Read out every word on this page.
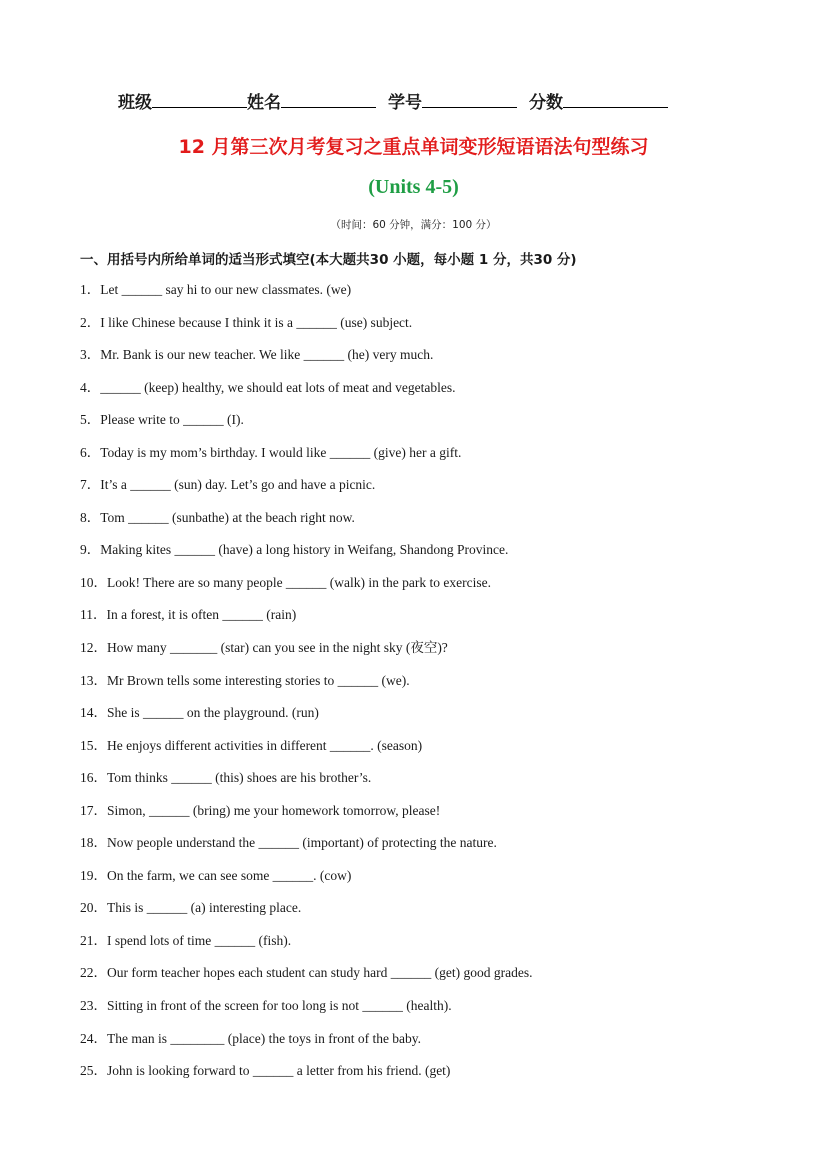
班级	姓名	学号	分数
12 月第三次月考复习之重点单词变形短语语法句型练习
(Units 4-5)
（时间：60 分钟，满分：100 分）
一、用括号内所给单词的适当形式填空(本大题共30 小题，每小题 1 分，共30 分)
1．Let ______ say hi to our new classmates. (we)
2．I like Chinese because I think it is a ______ (use) subject.
3．Mr. Bank is our new teacher. We like ______ (he) very much.
4．______ (keep) healthy, we should eat lots of meat and vegetables.
5．Please write to ______ (I).
6．Today is my mom’s birthday. I would like ______ (give) her a gift.
7．It’s a ______ (sun) day. Let’s go and have a picnic.
8．Tom ______ (sunbathe) at the beach right now.
9．Making kites ______ (have) a long history in Weifang, Shandong Province.
10．Look! There are so many people ______ (walk) in the park to exercise.
11．In a forest, it is often ______ (rain)
12．How many _______ (star) can you see in the night sky (夜空)?
13．Mr Brown tells some interesting stories to ______ (we).
14．She is ______ on the playground. (run)
15．He enjoys different activities in different ______. (season)
16．Tom thinks ______ (this) shoes are his brother’s.
17．Simon, ______ (bring) me your homework tomorrow, please!
18．Now people understand the ______ (important) of protecting the nature.
19．On the farm, we can see some ______. (cow)
20．This is ______ (a) interesting place.
21．I spend lots of time ______ (fish).
22．Our form teacher hopes each student can study hard ______ (get) good grades.
23．Sitting in front of the screen for too long is not ______ (health).
24．The man is ________ (place) the toys in front of the baby.
25．John is looking forward to ______ a letter from his friend. (get)
